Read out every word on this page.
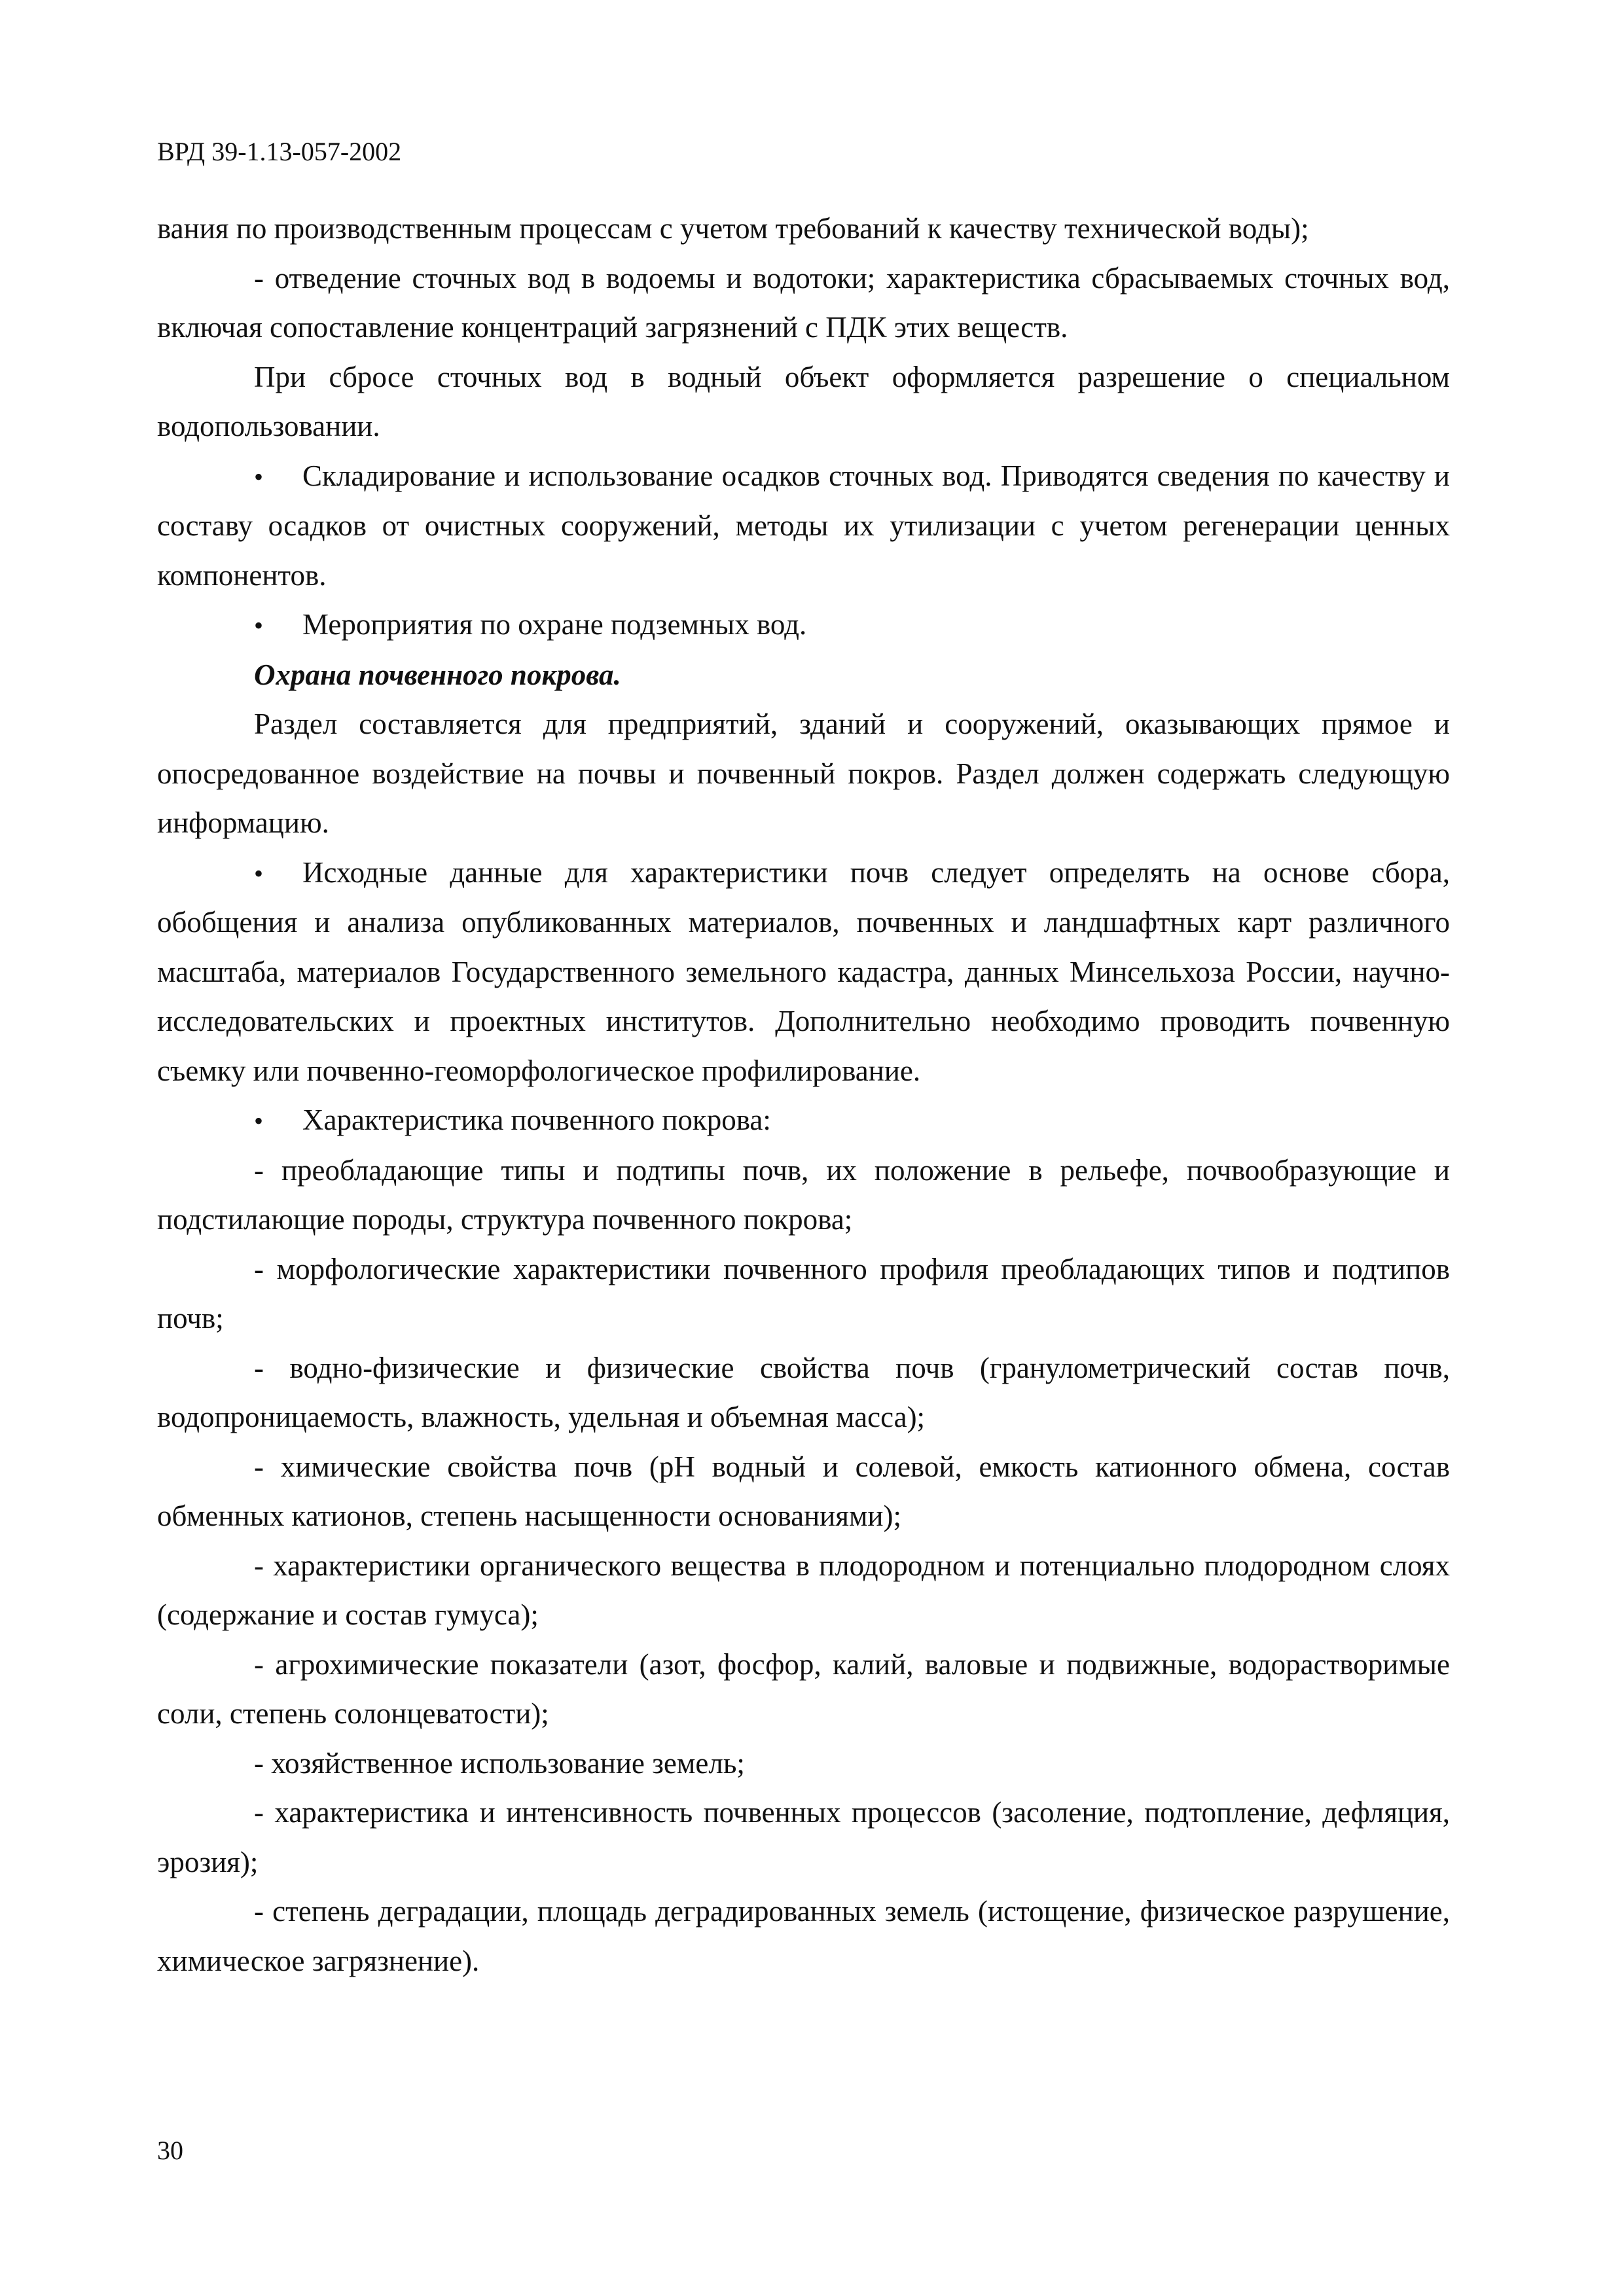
ВРД 39-1.13-057-2002

вания по производственным процессам с учетом требований к качеству технической воды);

- отведение сточных вод в водоемы и водотоки; характеристика сбрасываемых сточных вод, включая сопоставление концентраций загрязнений с ПДК этих веществ.

При сбросе сточных вод в водный объект оформляется разрешение о специальном водопользовании.

• Складирование и использование осадков сточных вод. Приводятся сведения по качеству и составу осадков от очистных сооружений, методы их утилизации с учетом регенерации ценных компонентов.

• Мероприятия по охране подземных вод.

Охрана почвенного покрова.

Раздел составляется для предприятий, зданий и сооружений, оказывающих прямое и опосредованное воздействие на почвы и почвенный покров. Раздел должен содержать следующую информацию.

• Исходные данные для характеристики почв следует определять на основе сбора, обобщения и анализа опубликованных материалов, почвенных и ландшафтных карт различного масштаба, материалов Государственного земельного кадастра, данных Минсельхоза России, научно-исследовательских и проектных институтов. Дополнительно необходимо проводить почвенную съемку или почвенно-геоморфологическое профилирование.

• Характеристика почвенного покрова:

- преобладающие типы и подтипы почв, их положение в рельефе, почвообразующие и подстилающие породы, структура почвенного покрова;

- морфологические характеристики почвенного профиля преобладающих типов и подтипов почв;

- водно-физические и физические свойства почв (гранулометрический состав почв, водопроницаемость, влажность, удельная и объемная масса);

- химические свойства почв (рН водный и солевой, емкость катионного обмена, состав обменных катионов, степень насыщенности основаниями);

- характеристики органического вещества в плодородном и потенциально плодородном слоях (содержание и состав гумуса);

- агрохимические показатели (азот, фосфор, калий, валовые и подвижные, водорастворимые соли, степень солонцеватости);

- хозяйственное использование земель;

- характеристика и интенсивность почвенных процессов (засоление, подтопление, дефляция, эрозия);

- степень деградации, площадь деградированных земель (истощение, физическое разрушение, химическое загрязнение).

30
